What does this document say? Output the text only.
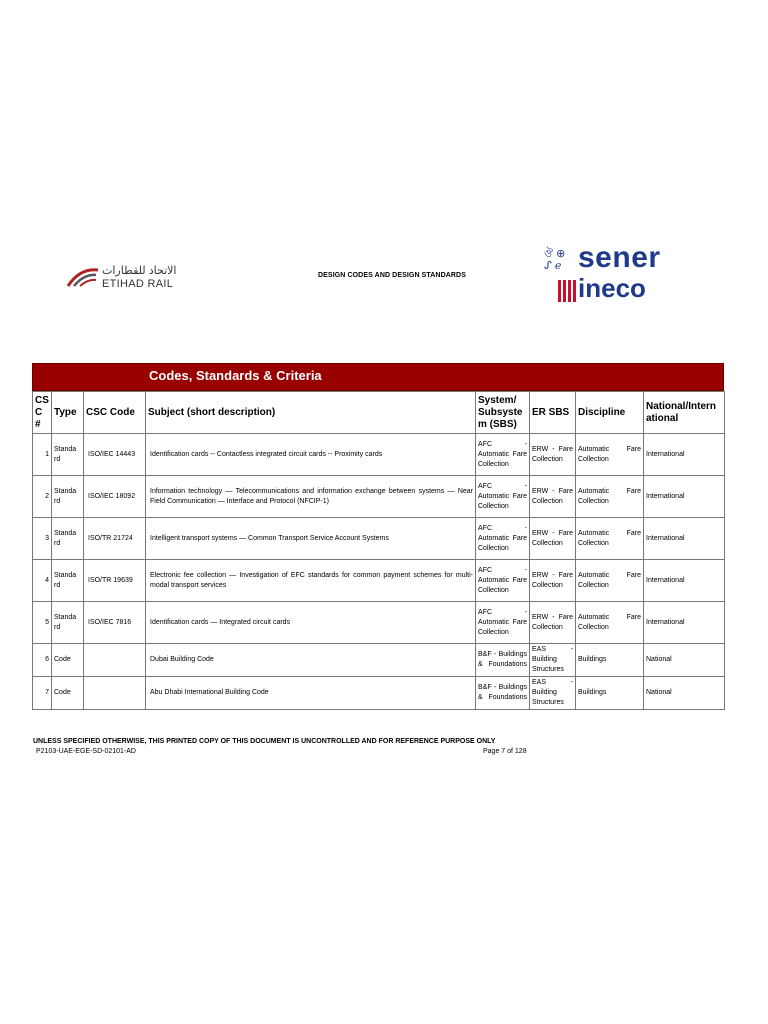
الاتحاد للقطارات
ETIHAD RAIL
DESIGN CODES AND DESIGN STANDARDS
ঔ ⊕
ᔑ ℯ sener
ineco
Codes, Standards & Criteria
CS C #	Type	CSC Code	Subject (short description)	System/ Subsyste m (SBS)	ER SBS	Discipline	National/Intern ational
1	Standa rd	ISO/IEC 14443	Identification cards -- Contactless integrated circuit cards -- Proximity cards	AFC - Automatic Fare Collection	ERW - Fare Collection	Automatic Fare Collection	International
2	Standa rd	ISO/IEC 18092	Information technology — Telecommunications and information exchange between systems — Near Field Communication — Interface and Protocol (NFCIP-1)	AFC - Automatic Fare Collection	ERW - Fare Collection	Automatic Fare Collection	International
3	Standa rd	ISO/TR 21724	Intelligent transport systems — Common Transport Service Account Systems	AFC - Automatic Fare Collection	ERW - Fare Collection	Automatic Fare Collection	International
4	Standa rd	ISO/TR 19639	Electronic fee collection — Investigation of EFC standards for common payment schemes for multi-modal transport services	AFC - Automatic Fare Collection	ERW - Fare Collection	Automatic Fare Collection	International
5	Standa rd	ISO/IEC 7816	Identification cards — Integrated circuit cards	AFC - Automatic Fare Collection	ERW - Fare Collection	Automatic Fare Collection	International
6	Code		Dubai Building Code	B&F - Buildings & Foundations	EAS - Building Structures	Buildings	National
7	Code		Abu Dhabi International Building Code	B&F - Buildings & Foundations	EAS - Building Structures	Buildings	National
UNLESS SPECIFIED OTHERWISE, THIS PRINTED COPY OF THIS DOCUMENT IS UNCONTROLLED AND FOR REFERENCE PURPOSE ONLY
P2103-UAE-EGE-SD-02101-AD	Page 7 of 128
